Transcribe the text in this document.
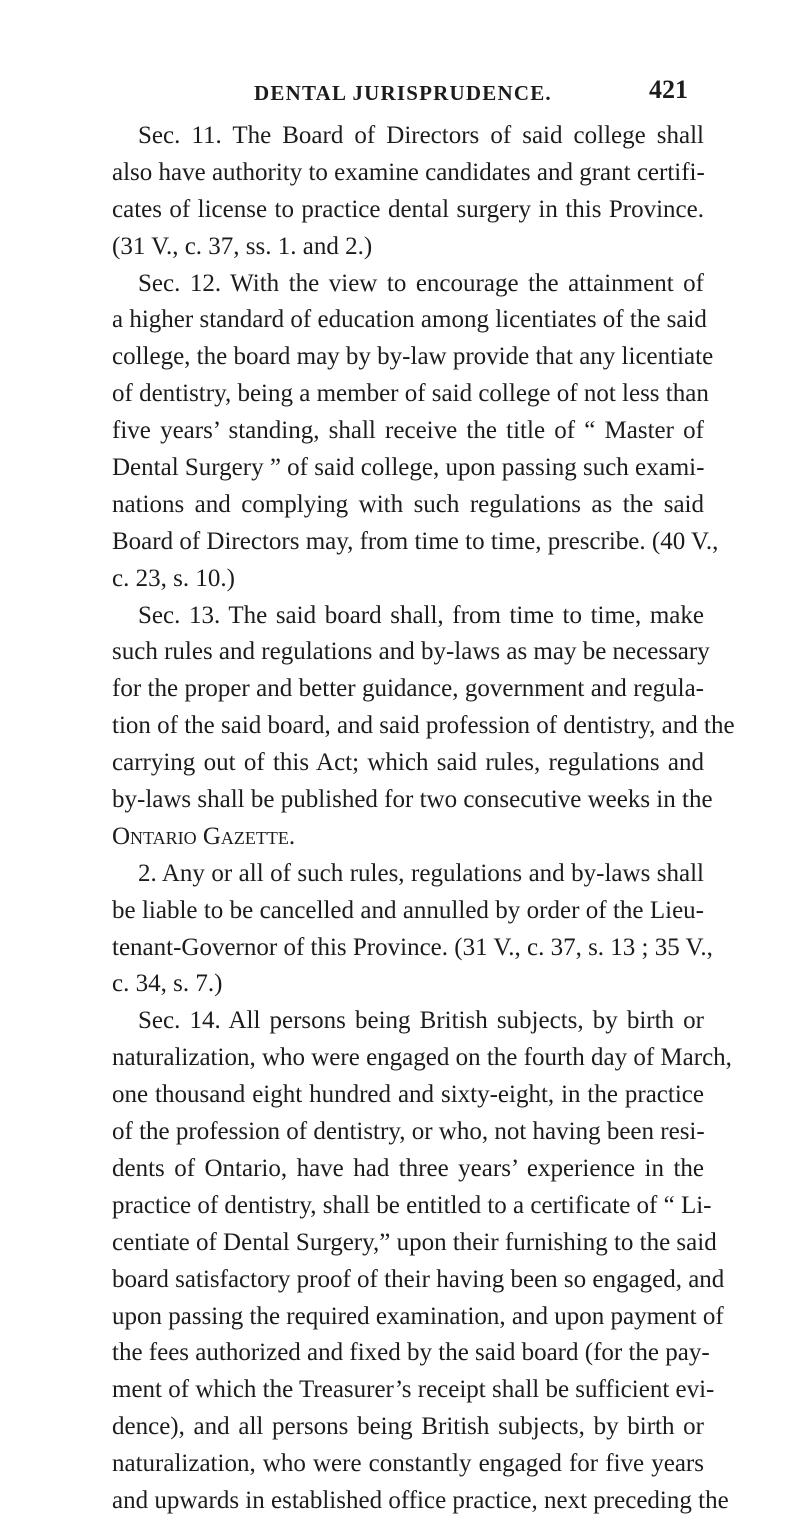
DENTAL JURISPRUDENCE.	421
Sec. 11. The Board of Directors of said college shall
also have authority to examine candidates and grant certifi-
cates of license to practice dental surgery in this Province.
(31 V., c. 37, ss. 1. and 2.)
Sec. 12. With the view to encourage the attainment of
a higher standard of education among licentiates of the said
college, the board may by by-law provide that any licentiate
of dentistry, being a member of said college of not less than
five years’ standing, shall receive the title of “ Master of
Dental Surgery ” of said college, upon passing such exami-
nations and complying with such regulations as the said
Board of Directors may, from time to time, prescribe. (40 V.,
c. 23, s. 10.)
Sec. 13. The said board shall, from time to time, make
such rules and regulations and by-laws as may be necessary
for the proper and better guidance, government and regula-
tion of the said board, and said profession of dentistry, and the
carrying out of this Act; which said rules, regulations and
by-laws shall be published for two consecutive weeks in the
Ontario Gazette.
2. Any or all of such rules, regulations and by-laws shall
be liable to be cancelled and annulled by order of the Lieu-
tenant-Governor of this Province. (31 V., c. 37, s. 13 ; 35 V.,
c. 34, s. 7.)
Sec. 14. All persons being British subjects, by birth or
naturalization, who were engaged on the fourth day of March,
one thousand eight hundred and sixty-eight, in the practice
of the profession of dentistry, or who, not having been resi-
dents of Ontario, have had three years’ experience in the
practice of dentistry, shall be entitled to a certificate of “ Li-
centiate of Dental Surgery,” upon their furnishing to the said
board satisfactory proof of their having been so engaged, and
upon passing the required examination, and upon payment of
the fees authorized and fixed by the said board (for the pay-
ment of which the Treasurer’s receipt shall be sufficient evi-
dence), and all persons being British subjects, by birth or
naturalization, who were constantly engaged for five years
and upwards in established office practice, next preceding the
